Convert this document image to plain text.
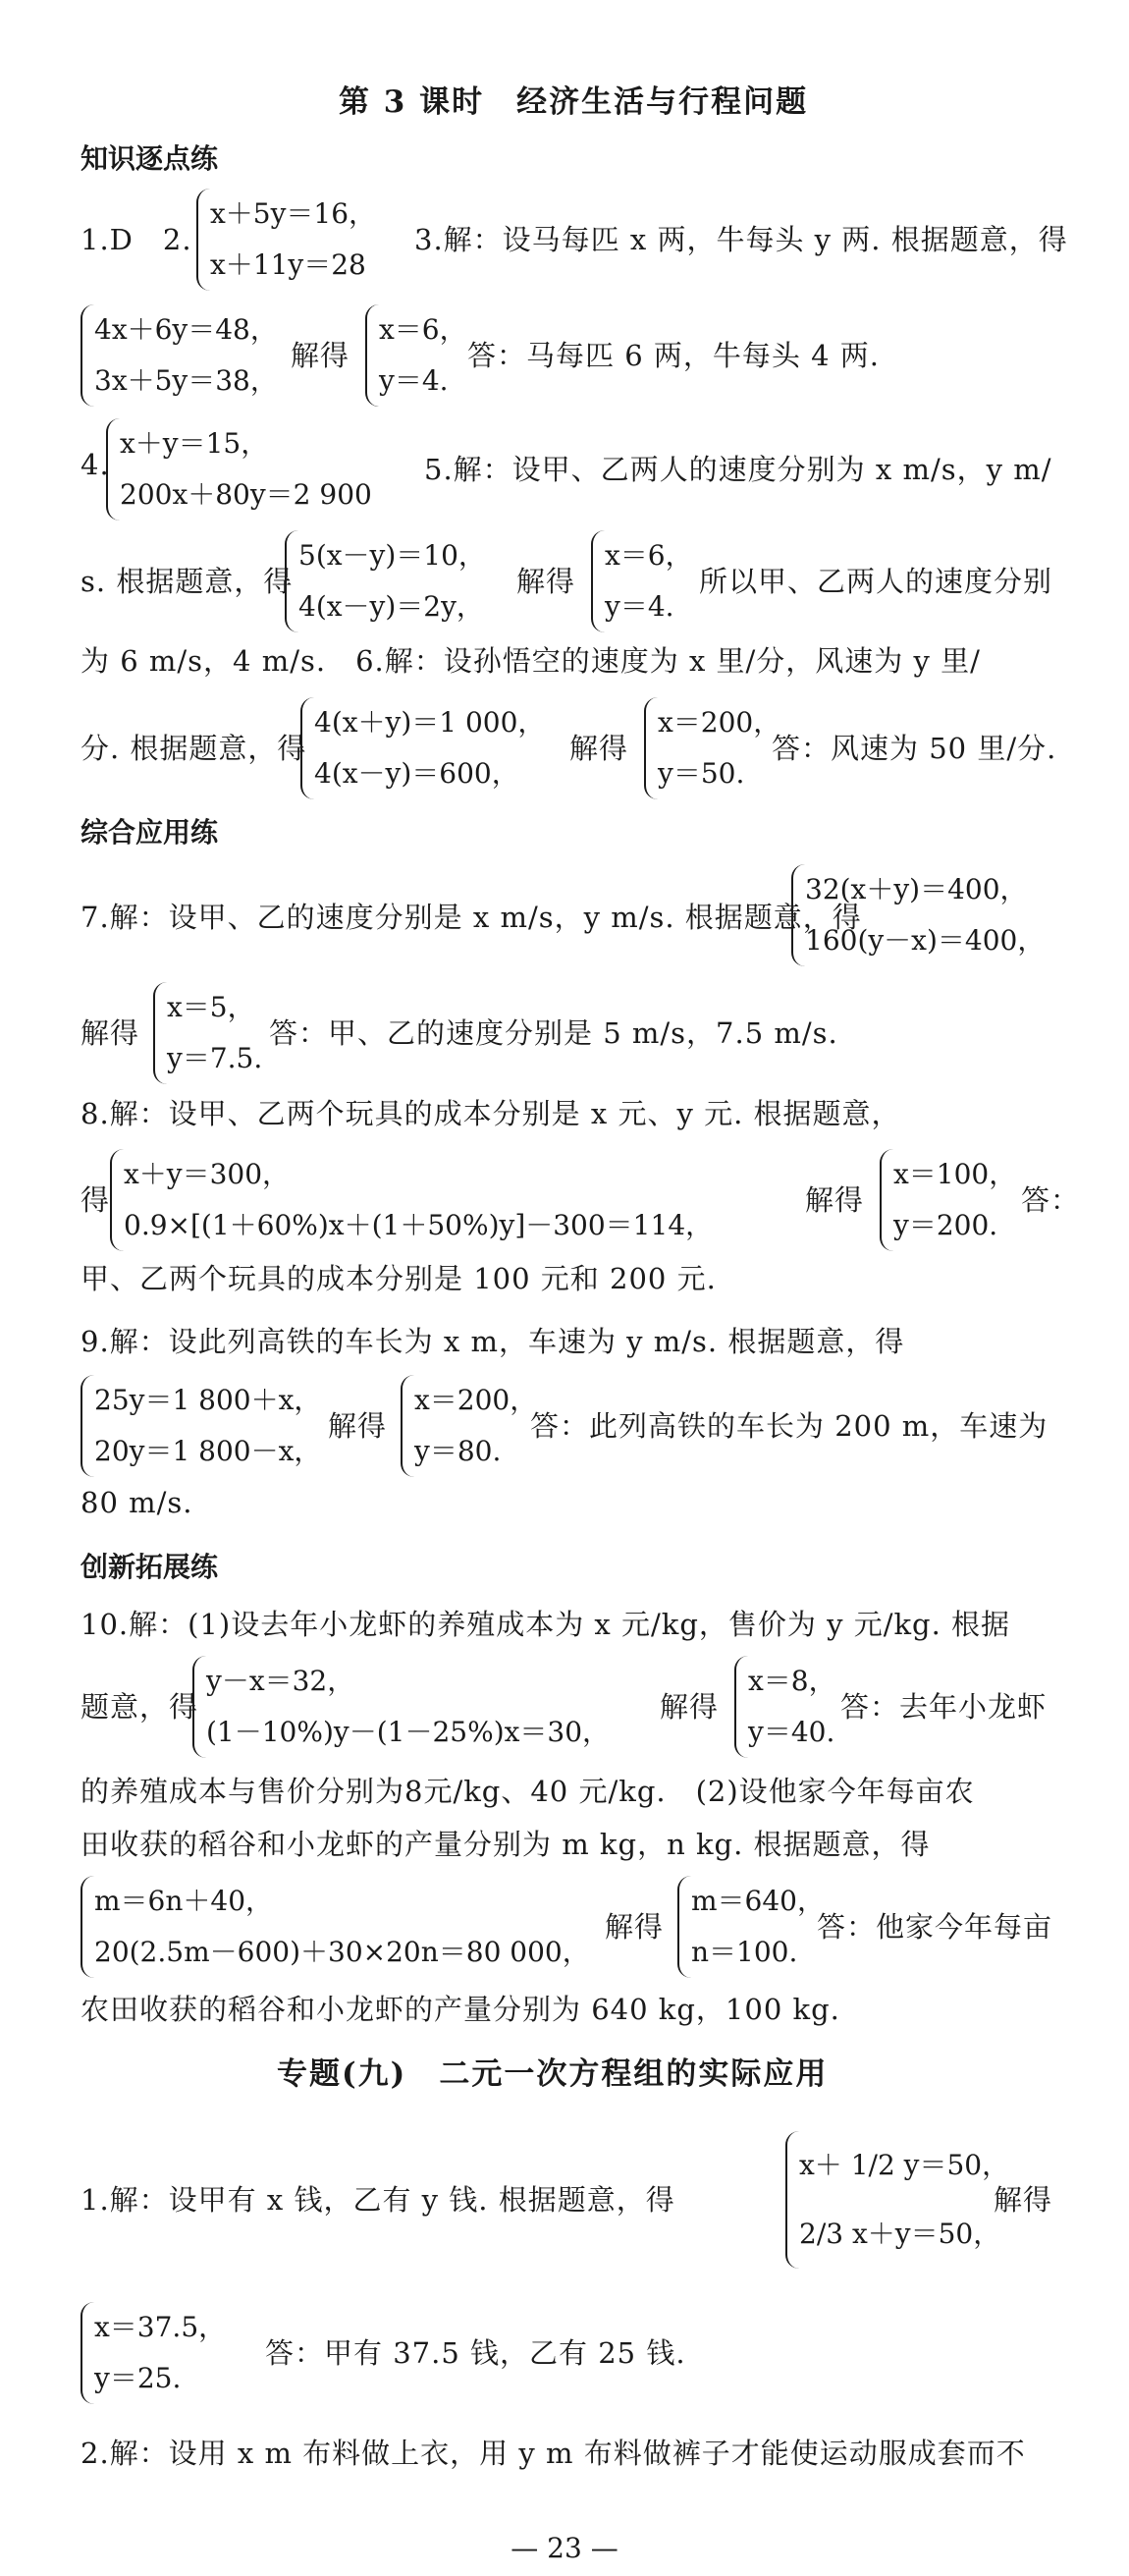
第 3 课时　经济生活与行程问题
知识逐点练
1.D　2.
x＋5y＝16，
x＋11y＝28
3.解：设马每匹 x 两，牛每头 y 两. 根据题意，得
4x＋6y＝48，
3x＋5y＝38，
解得
x＝6，
y＝4.
答：马每匹 6 两，牛每头 4 两.
4.
x＋y＝15，
200x＋80y＝2 900
5.解：设甲、乙两人的速度分别为 x m/s，y m/
s. 根据题意，得
5(x－y)＝10，
4(x－y)＝2y，
解得
x＝6，
y＝4.
所以甲、乙两人的速度分别
为 6 m/s，4 m/s.　6.解：设孙悟空的速度为 x 里/分，风速为 y 里/
分. 根据题意，得
4(x＋y)＝1 000，
4(x－y)＝600，
解得
x＝200，
y＝50.
答：风速为 50 里/分.
综合应用练
7.解：设甲、乙的速度分别是 x m/s，y m/s. 根据题意，得
32(x＋y)＝400，
160(y－x)＝400，
解得
x＝5，
y＝7.5.
答：甲、乙的速度分别是 5 m/s，7.5 m/s.
8.解：设甲、乙两个玩具的成本分别是 x 元、y 元. 根据题意，
得
x＋y＝300，
0.9×[(1＋60%)x＋(1＋50%)y]－300＝114，
解得
x＝100，
y＝200.
答：
甲、乙两个玩具的成本分别是 100 元和 200 元.
9.解：设此列高铁的车长为 x m，车速为 y m/s. 根据题意，得
25y＝1 800＋x，
20y＝1 800－x，
解得
x＝200，
y＝80.
答：此列高铁的车长为 200 m，车速为
80 m/s.
创新拓展练
10.解：(1)设去年小龙虾的养殖成本为 x 元/kg，售价为 y 元/kg. 根据
题意，得
y－x＝32，
(1－10%)y－(1－25%)x＝30，
解得
x＝8，
y＝40.
答：去年小龙虾
的养殖成本与售价分别为8元/kg、40 元/kg.　(2)设他家今年每亩农
田收获的稻谷和小龙虾的产量分别为 m kg，n kg. 根据题意，得
m＝6n＋40，
20(2.5m－600)＋30×20n＝80 000，
解得
m＝640，
n＝100.
答：他家今年每亩
农田收获的稻谷和小龙虾的产量分别为 640 kg，100 kg.
专题(九)　二元一次方程组的实际应用
1.解：设甲有 x 钱，乙有 y 钱. 根据题意，得
x＋ 1/2 y＝50，
2/3 x＋y＝50，
解得
x＝37.5，
y＝25.
答：甲有 37.5 钱，乙有 25 钱.
2.解：设用 x m 布料做上衣，用 y m 布料做裤子才能使运动服成套而不
— 23 —
